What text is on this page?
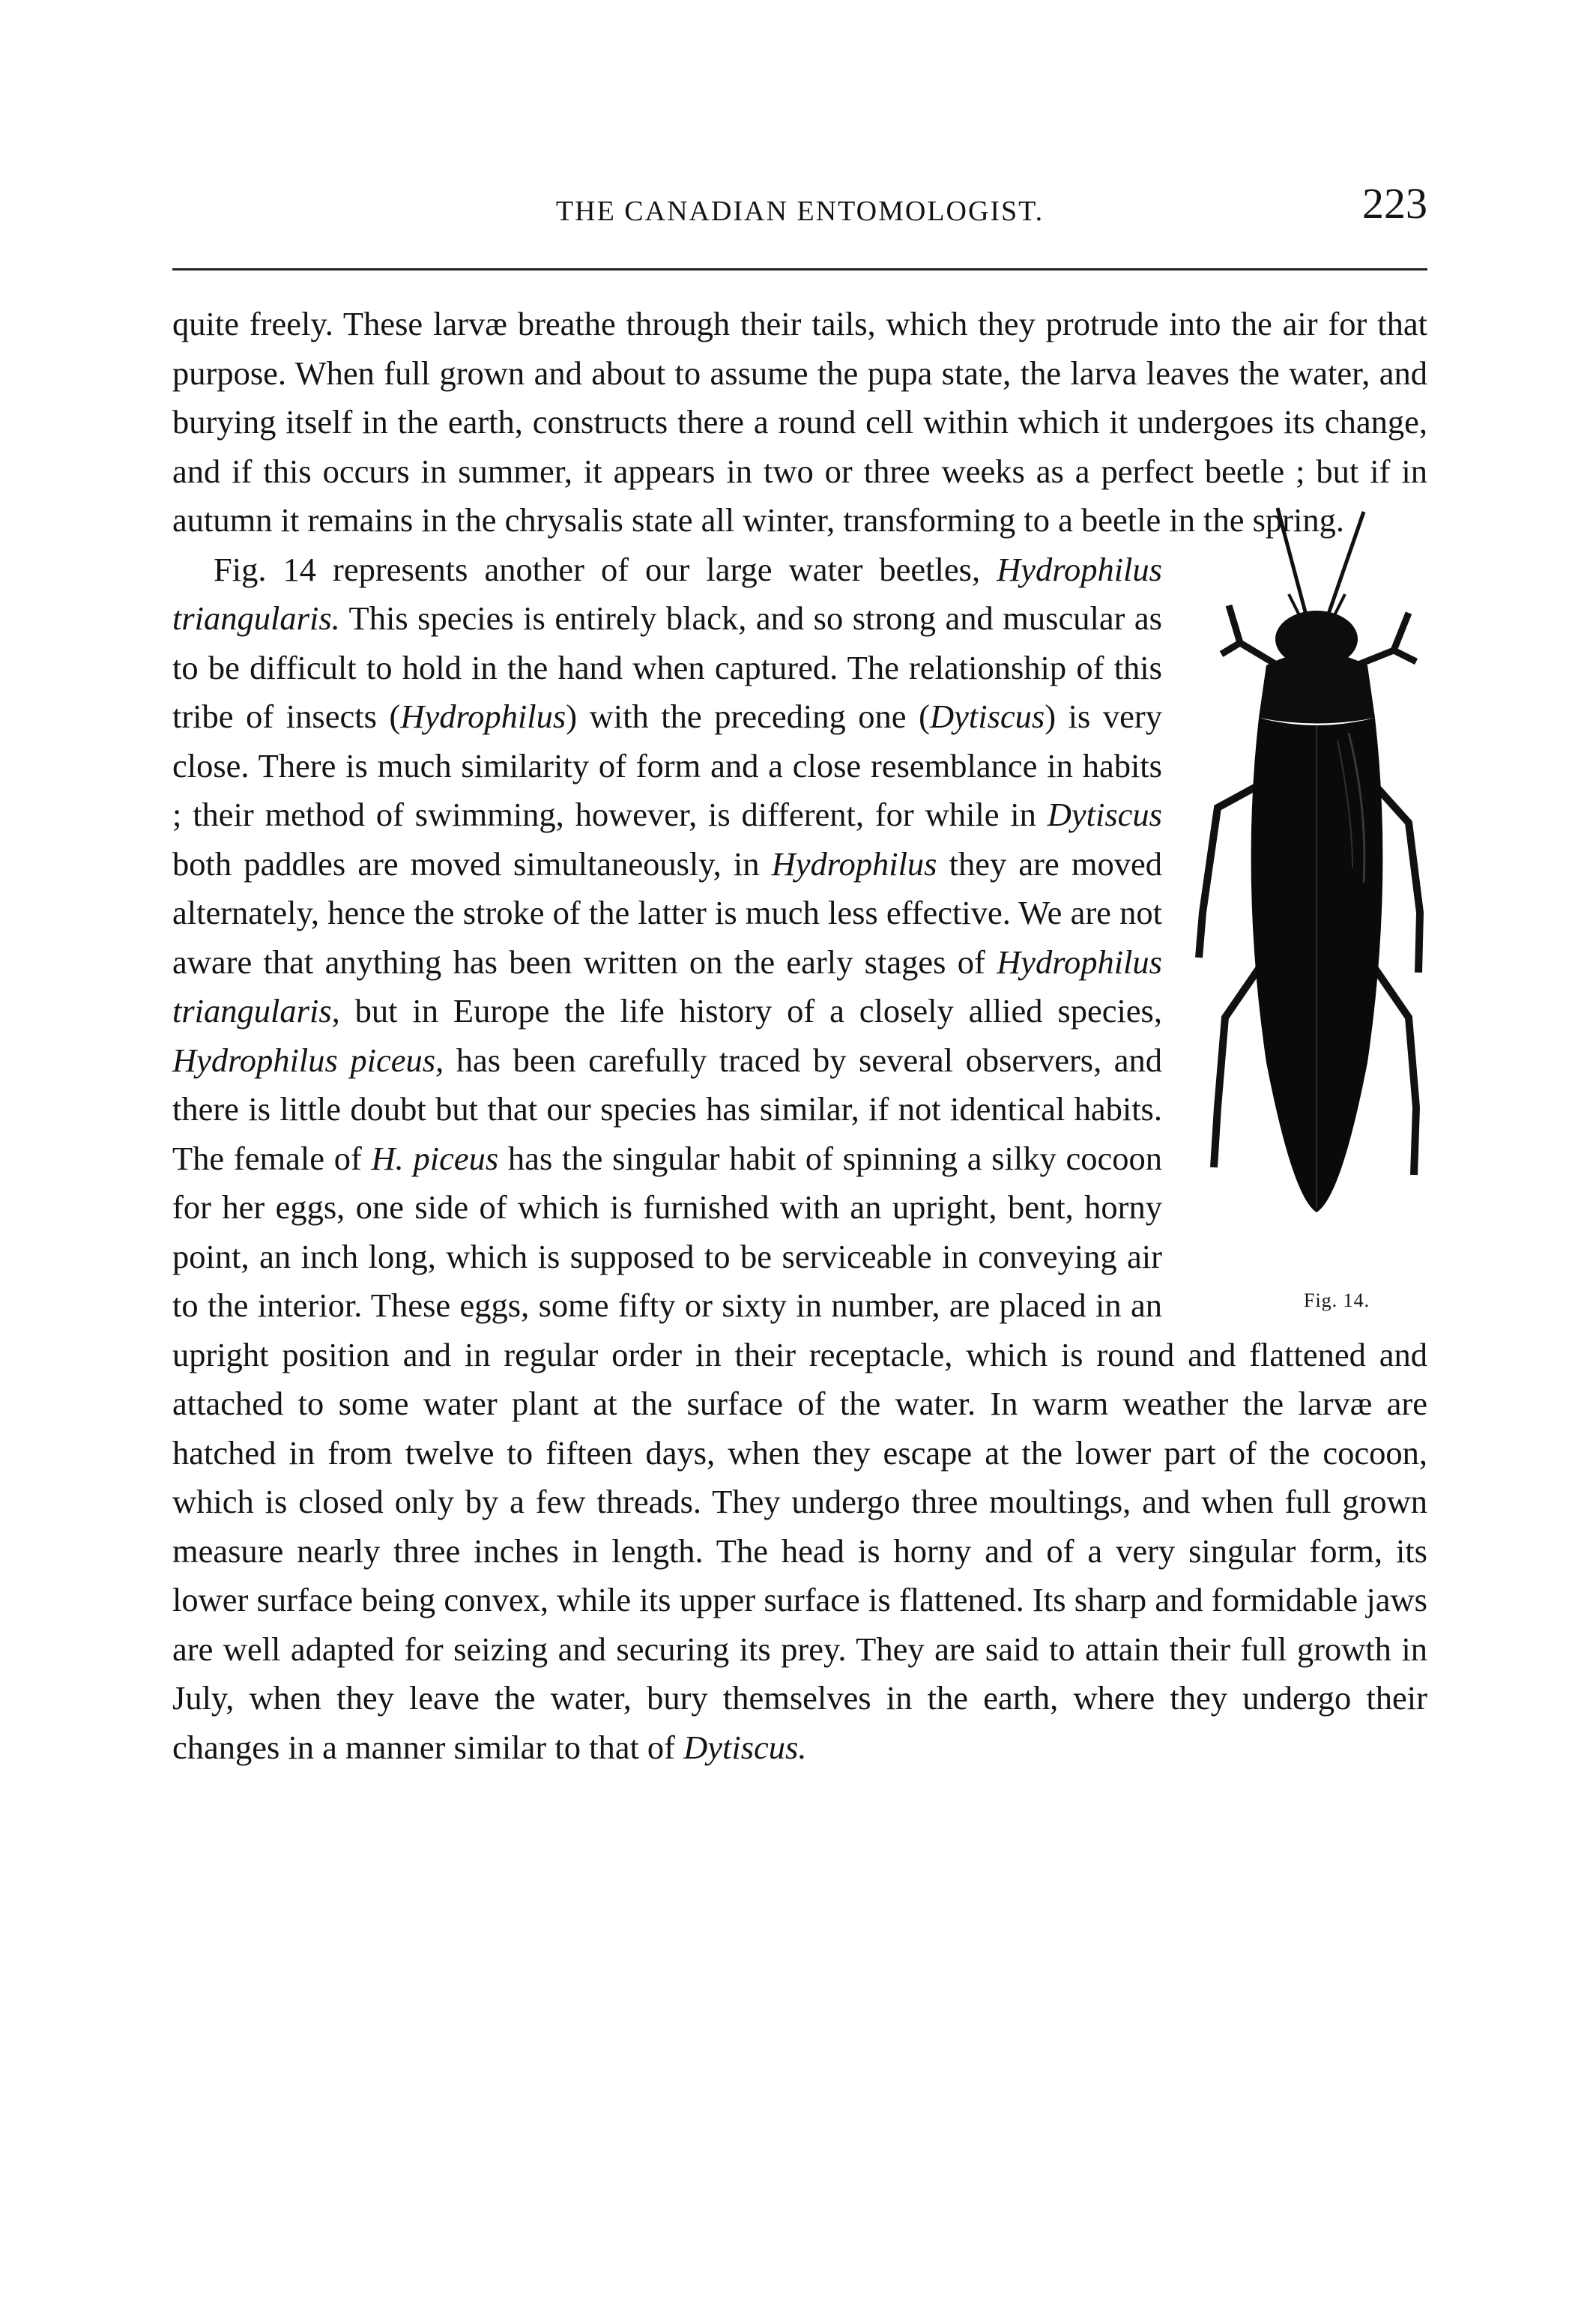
THE CANADIAN ENTOMOLOGIST.	223

quite freely. These larvæ breathe through their tails, which they protrude into the air for that purpose. When full grown and about to assume the pupa state, the larva leaves the water, and burying itself in the earth, constructs there a round cell within which it undergoes its change, and if this occurs in summer, it appears in two or three weeks as a perfect beetle ; but if in autumn it remains in the chrysalis state all winter, transforming to a beetle in the spring.

Fig. 14.

Fig. 14 represents another of our large water beetles, Hydrophilus triangularis. This species is entirely black, and so strong and muscular as to be difficult to hold in the hand when captured. The relationship of this tribe of insects (Hydrophilus) with the preceding one (Dytiscus) is very close. There is much similarity of form and a close resemblance in habits ; their method of swimming, however, is different, for while in Dytiscus both paddles are moved simultaneously, in Hydrophilus they are moved alternately, hence the stroke of the latter is much less effective. We are not aware that anything has been written on the early stages of Hydrophilus triangularis, but in Europe the life history of a closely allied species, Hydrophilus piceus, has been carefully traced by several observers, and there is little doubt but that our species has similar, if not identical habits. The female of H. piceus has the singular habit of spinning a silky cocoon for her eggs, one side of which is furnished with an upright, bent, horny point, an inch long, which is supposed to be serviceable in conveying air to the interior. These eggs, some fifty or sixty in number, are placed in an upright position and in regular order in their receptacle, which is round and flattened and attached to some water plant at the surface of the water. In warm weather the larvæ are hatched in from twelve to fifteen days, when they escape at the lower part of the cocoon, which is closed only by a few threads. They undergo three moultings, and when full grown measure nearly three inches in length. The head is horny and of a very singular form, its lower surface being convex, while its upper surface is flattened. Its sharp and formidable jaws are well adapted for seizing and securing its prey. They are said to attain their full growth in July, when they leave the water, bury themselves in the earth, where they undergo their changes in a manner similar to that of Dytiscus.
